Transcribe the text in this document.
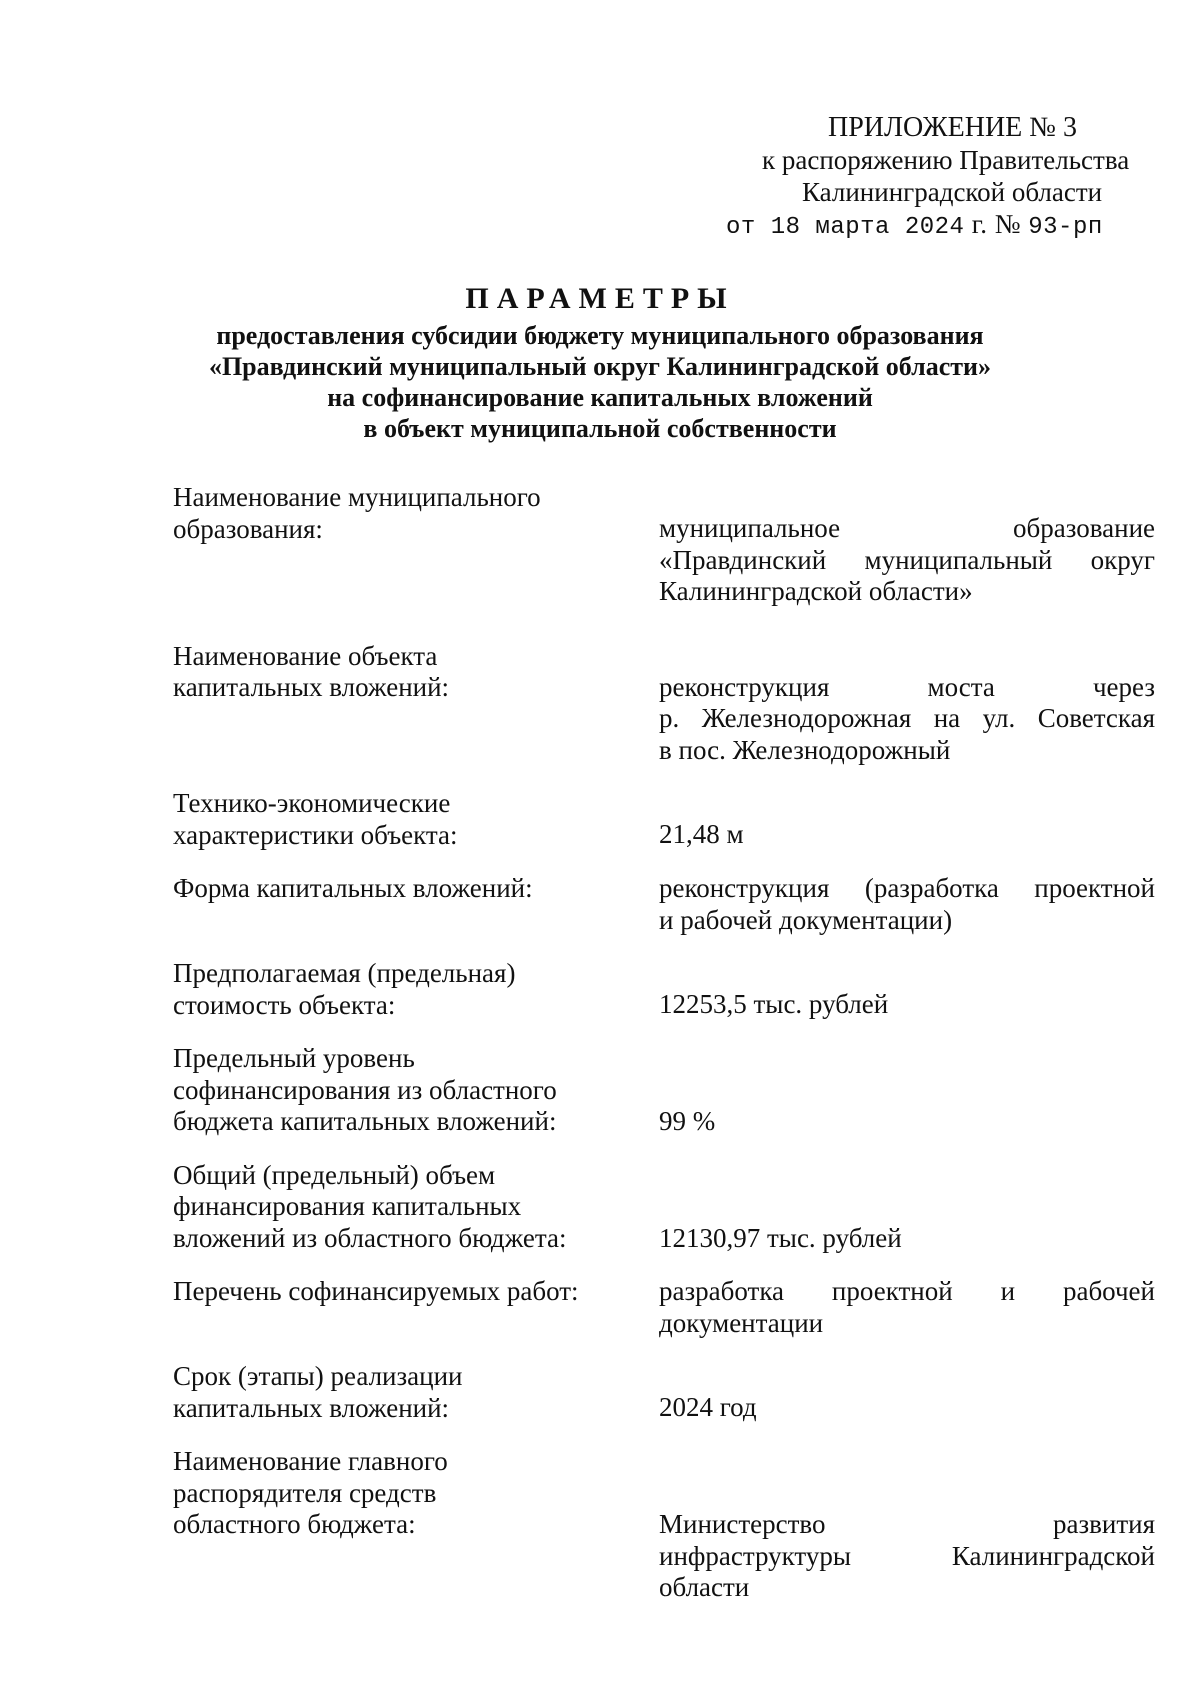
ПРИЛОЖЕНИЕ № 3
к распоряжению Правительства
Калининградской области
от 18 марта 2024 г. № 93-рп
ПАРАМЕТРЫ
предоставления субсидии бюджету муниципального образования
«Правдинский муниципальный округ Калининградской области»
на софинансирование капитальных вложений
в объект муниципальной собственности
Наименование муниципального
образования:	муниципальное образование
«Правдинский муниципальный округ
Калининградской области»
Наименование объекта
капитальных вложений:	реконструкция моста через
р. Железнодорожная на ул. Советская
в пос. Железнодорожный
Технико-экономические
характеристики объекта:	21,48 м
Форма капитальных вложений:	реконструкция (разработка проектной
и рабочей документации)
Предполагаемая (предельная)
стоимость объекта:	12253,5 тыс. рублей
Предельный уровень
софинансирования из областного
бюджета капитальных вложений:	99 %
Общий (предельный) объем
финансирования капитальных
вложений из областного бюджета:	12130,97 тыс. рублей
Перечень софинансируемых работ:	разработка проектной и рабочей
документации
Срок (этапы) реализации
капитальных вложений:	2024 год
Наименование главного
распорядителя средств
областного бюджета:	Министерство развития
инфраструктуры Калининградской
области
